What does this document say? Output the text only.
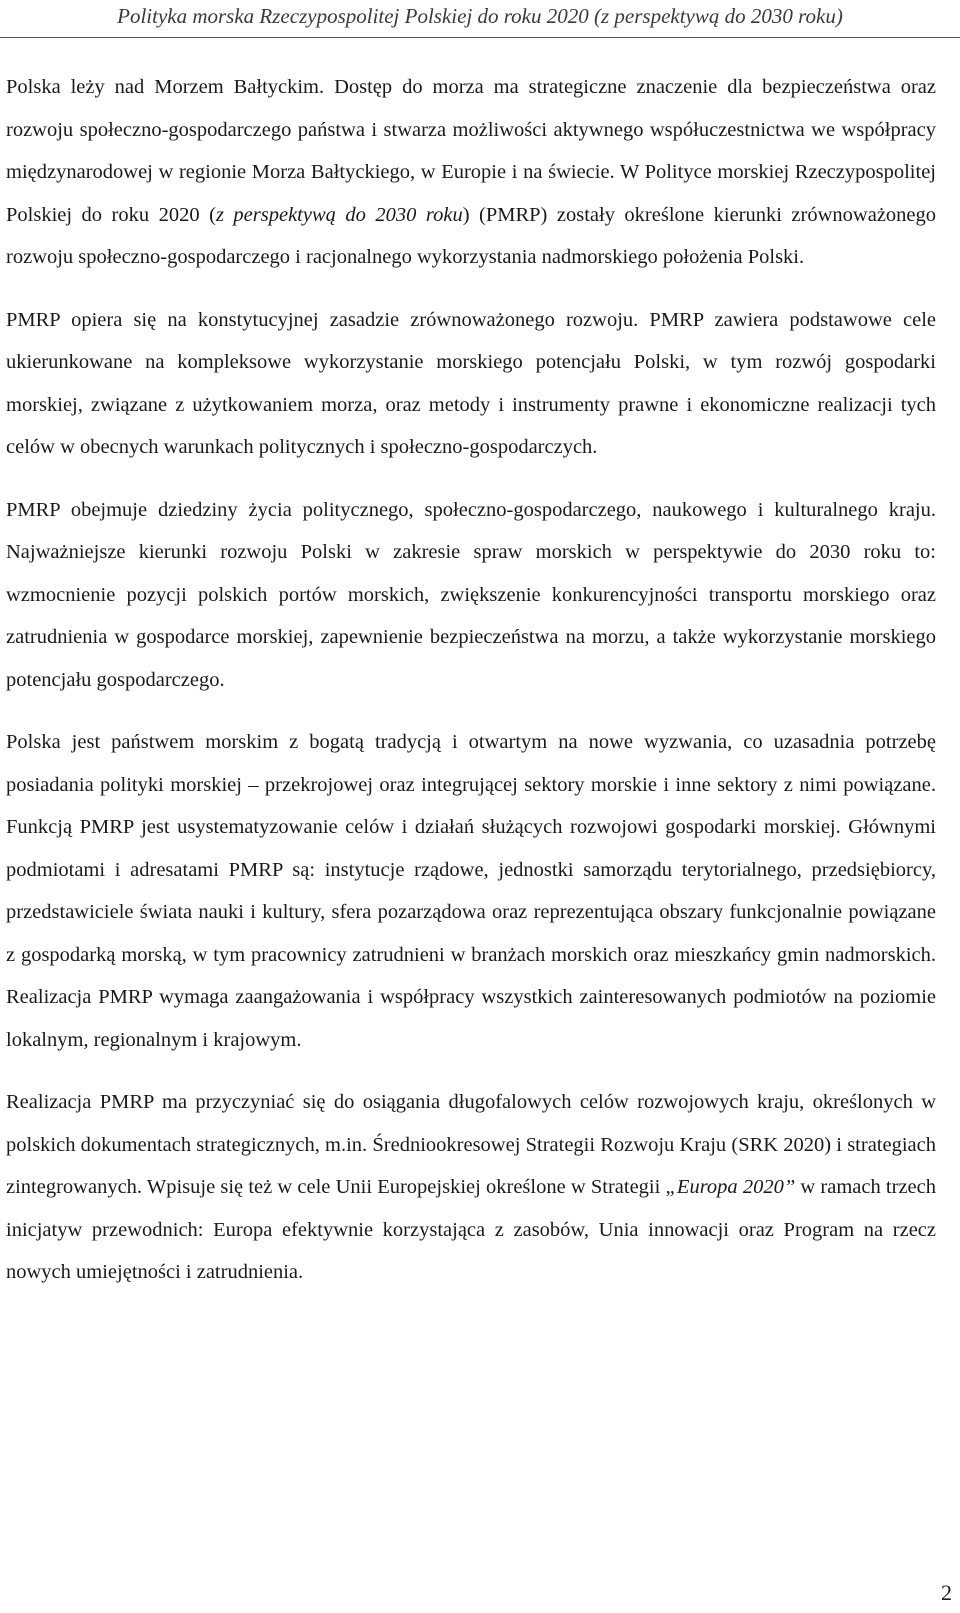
Polityka morska Rzeczypospolitej Polskiej do roku 2020 (z perspektywą do 2030 roku)

Polska leży nad Morzem Bałtyckim. Dostęp do morza ma strategiczne znaczenie dla bezpieczeństwa oraz rozwoju społeczno-gospodarczego państwa i stwarza możliwości aktywnego współuczestnictwa we współpracy międzynarodowej w regionie Morza Bałtyckiego, w Europie i na świecie. W Polityce morskiej Rzeczypospolitej Polskiej do roku 2020 (z perspektywą do 2030 roku) (PMRP) zostały określone kierunki zrównoważonego rozwoju społeczno-gospodarczego i racjonalnego wykorzystania nadmorskiego położenia Polski.

PMRP opiera się na konstytucyjnej zasadzie zrównoważonego rozwoju. PMRP zawiera podstawowe cele ukierunkowane na kompleksowe wykorzystanie morskiego potencjału Polski, w tym rozwój gospodarki morskiej, związane z użytkowaniem morza, oraz metody i instrumenty prawne i ekonomiczne realizacji tych celów w obecnych warunkach politycznych i społeczno-gospodarczych.

PMRP obejmuje dziedziny życia politycznego, społeczno-gospodarczego, naukowego i kulturalnego kraju. Najważniejsze kierunki rozwoju Polski w zakresie spraw morskich w perspektywie do 2030 roku to: wzmocnienie pozycji polskich portów morskich, zwiększenie konkurencyjności transportu morskiego oraz zatrudnienia w gospodarce morskiej, zapewnienie bezpieczeństwa na morzu, a także wykorzystanie morskiego potencjału gospodarczego.

Polska jest państwem morskim z bogatą tradycją i otwartym na nowe wyzwania, co uzasadnia potrzebę posiadania polityki morskiej – przekrojowej oraz integrującej sektory morskie i inne sektory z nimi powiązane. Funkcją PMRP jest usystematyzowanie celów i działań służących rozwojowi gospodarki morskiej. Głównymi podmiotami i adresatami PMRP są: instytucje rządowe, jednostki samorządu terytorialnego, przedsiębiorcy, przedstawiciele świata nauki i kultury, sfera pozarządowa oraz reprezentująca obszary funkcjonalnie powiązane z gospodarką morską, w tym pracownicy zatrudnieni w branżach morskich oraz mieszkańcy gmin nadmorskich. Realizacja PMRP wymaga zaangażowania i współpracy wszystkich zainteresowanych podmiotów na poziomie lokalnym, regionalnym i krajowym.

Realizacja PMRP ma przyczyniać się do osiągania długofalowych celów rozwojowych kraju, określonych w polskich dokumentach strategicznych, m.in. Średniookresowej Strategii Rozwoju Kraju (SRK 2020) i strategiach zintegrowanych. Wpisuje się też w cele Unii Europejskiej określone w Strategii „Europa 2020” w ramach trzech inicjatyw przewodnich: Europa efektywnie korzystająca z zasobów, Unia innowacji oraz Program na rzecz nowych umiejętności i zatrudnienia.

2
